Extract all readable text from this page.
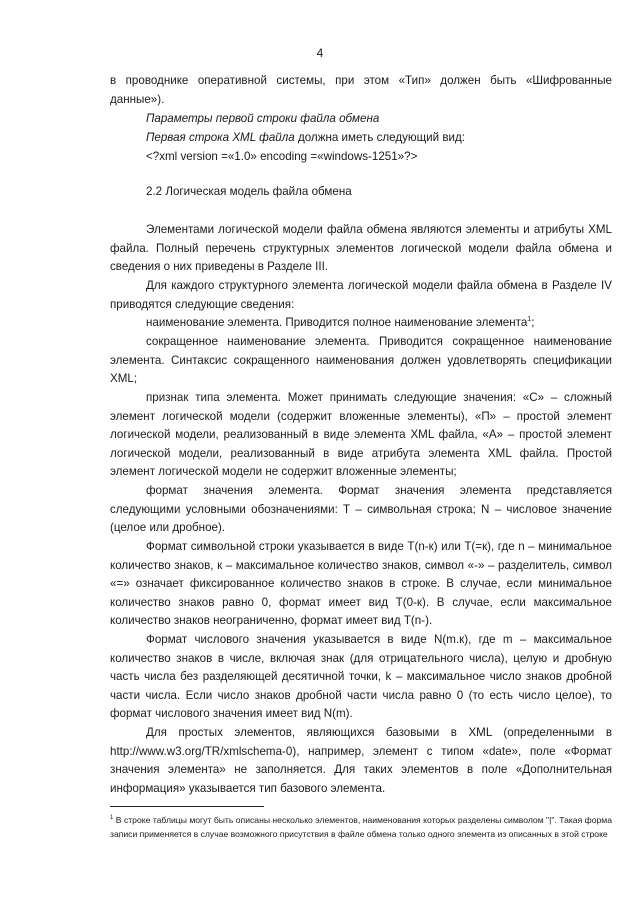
4

в проводнике оперативной системы, при этом «Тип» должен быть «Шифрованные данные»).

Параметры первой строки файла обмена
Первая строка XML файла должна иметь следующий вид:
<?xml version =«1.0» encoding =«windows-1251»?>
2.2 Логическая модель файла обмена

Элементами логической модели файла обмена являются элементы и атрибуты XML файла. Полный перечень структурных элементов логической модели файла обмена и сведения о них приведены в Разделе III.

Для каждого структурного элемента логической модели файла обмена в Разделе IV приводятся следующие сведения:

наименование элемента. Приводится полное наименование элемента$^1$;

сокращенное наименование элемента. Приводится сокращенное наименование элемента. Синтаксис сокращенного наименования должен удовлетворять спецификации XML;

признак типа элемента. Может принимать следующие значения: «С» – сложный элемент логической модели (содержит вложенные элементы), «П» – простой элемент логической модели, реализованный в виде элемента XML файла, «А» – простой элемент логической модели, реализованный в виде атрибута элемента XML файла. Простой элемент логической модели не содержит вложенные элементы;

формат значения элемента. Формат значения элемента представляется следующими условными обозначениями: Т – символьная строка; N – числовое значение (целое или дробное).

Формат символьной строки указывается в виде Т(n-к) или Т(=к), где n – минимальное количество знаков, к – максимальное количество знаков, символ «-» – разделитель, символ «=» означает фиксированное количество знаков в строке. В случае, если минимальное количество знаков равно 0, формат имеет вид Т(0-к). В случае, если максимальное количество знаков неограниченно, формат имеет вид Т(n-).

Формат числового значения указывается в виде N(m.к), где m – максимальное количество знаков в числе, включая знак (для отрицательного числа), целую и дробную часть числа без разделяющей десятичной точки, k – максимальное число знаков дробной части числа. Если число знаков дробной части числа равно 0 (то есть число целое), то формат числового значения имеет вид N(m).

Для простых элементов, являющихся базовыми в XML (определенными в http://www.w3.org/TR/xmlschema-0), например, элемент с типом «date», поле «Формат значения элемента» не заполняется. Для таких элементов в поле «Дополнительная информация» указывается тип базового элемента.

$^1$ В строке таблицы могут быть описаны несколько элементов, наименования которых разделены символом "|". Такая форма записи применяется в случае возможного присутствия в файле обмена только одного элемента из описанных в этой строке
